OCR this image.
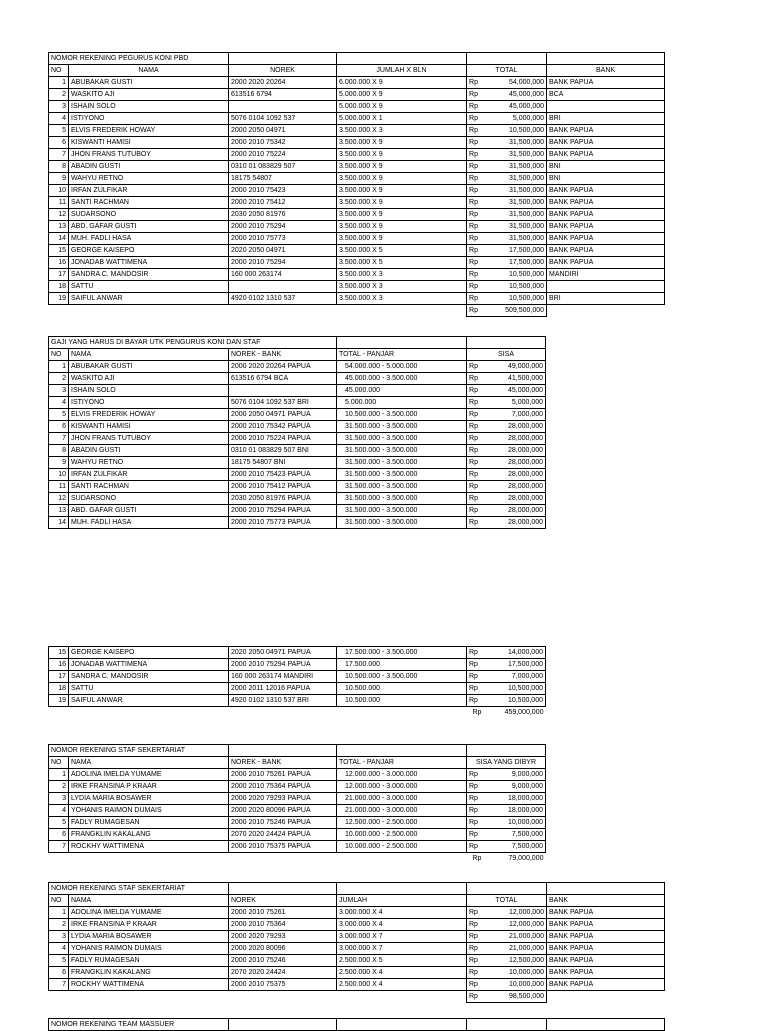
NOMOR REKENING PEGURUS KONI PBD					
NO	NAMA	NOREK	JUMLAH X BLN	TOTAL	BANK
1	ABUBAKAR GUSTI	2000 2020 20264	6.000.000 X 9	Rp 54,000,000	BANK PAPUA
2	WASKITO AJI	613516 6794	5.000.000 X 9	Rp 45,000,000	BCA
3	ISHAIN SOLO		5.000.000 X 9	Rp 45,000,000	

4	ISTIYONO	5076 0104 1092 537	5.000.000 X 1	Rp 5,000,000	BRI
5	ELVIS FREDERIK HOWAY	2000 2050 04971	3.500.000 X 3	Rp 10,500,000	BANK PAPUA
6	KISWANTI HAMISI	2000 2010 75342	3.500.000 X 9	Rp 31,500,000	BANK PAPUA
7	JHON FRANS TUTUBOY	2000 2010 75224	3.500.000 X 9	Rp 31,500,000	BANK PAPUA
8	ABADIN GUSTI	0310 01 083829 507	3.500.000 X 9	Rp 31,500,000	BNI
9	WAHYU RETNO	18175 54807	3.500.000 X 9	Rp 31,500,000	BNI
10	IRFAN ZULFIKAR	2000 2010 75423	3.500.000 X 9	Rp 31,500,000	BANK PAPUA
11	SANTI RACHMAN	2000 2010 75412	3.500.000 X 9	Rp 31,500,000	BANK PAPUA
12	SUDARSONO	2030 2050 81976	3.500.000 X 9	Rp 31,500,000	BANK PAPUA
13	ABD. GAFAR GUSTI	2000 2010 75294	3.500.000 X 9	Rp 31,500,000	BANK PAPUA
14	MUH. FADLI HASA	2000 2010 75773	3.500.000 X 9	Rp 31,500,000	BANK PAPUA
15	GEORGE KAISEPO	2020 2050 04971	3.500.000 X 5	Rp 17,500,000	BANK PAPUA
16	JONADAB WATTIMENA	2000 2010 75294	3.500.000 X 5	Rp 17,500,000	BANK PAPUA
17	SANDRA C. MANDOSIR	160 000 263174	3.500.000 X 3	Rp 10,500,000	MANDIRI
18	SATTU		3.500.000 X 3	Rp 10,500,000	

19	SAIFUL ANWAR	4920 0102 1310 537	3.500.000 X 3	Rp 10,500,000	BRI

				Rp 509,500,000	

GAJI YANG HARUS DI BAYAR UTK PENGURUS KONI DAN STAF				
NO	NAMA	NOREK - BANK	TOTAL - PANJAR	SISA
1	ABUBAKAR GUSTI	2000 2020 20264 PAPUA	54.000.000 - 5.000.000	Rp 49,000,000

2	WASKITO AJI	613516 6794 BCA	45.000.000 - 3.500.000	Rp 41,500,000

3	ISHAIN SOLO		45.000.000	Rp 45,000,000

4	ISTIYONO	5076 0104 1092 537 BRI	5.000.000	Rp 5,000,000

5	ELVIS FREDERIK HOWAY	2000 2050 04971 PAPUA	10.500.000 - 3.500.000	Rp 7,000,000

6	KISWANTI HAMISI	2000 2010 75342 PAPUA	31.500.000 - 3.500.000	Rp 28,000,000

7	JHON FRANS TUTUBOY	2000 2010 75224 PAPUA	31.500.000 - 3.500.000	Rp 28,000,000

8	ABADIN GUSTI	0310 01 083829 507 BNI	31.500.000 - 3.500.000	Rp 28,000,000

9	WAHYU RETNO	18175 54807 BNI	31.500.000 - 3.500.000	Rp 28,000,000

10	IRFAN ZULFIKAR	2000 2010 75423 PAPUA	31.500.000 - 3.500.000	Rp 28,000,000

11	SANTI RACHMAN	2000 2010 75412 PAPUA	31.500.000 - 3.500.000	Rp 28,000,000

12	SUDARSONO	2030 2050 81976 PAPUA	31.500.000 - 3.500.000	Rp 28,000,000

13	ABD. GAFAR GUSTI	2000 2010 75294 PAPUA	31.500.000 - 3.500.000	Rp 28,000,000

14	MUH. FADLI HASA	2000 2010 75773 PAPUA	31.500.000 - 3.500.000	Rp 28,000,000
15	GEORGE KAISEPO	2020 2050 04971 PAPUA	17.500.000 - 3.500.000	Rp 14,000,000

16	JONADAB WATTIMENA	2000 2010 75294 PAPUA	17.500.000	Rp 17,500,000

17	SANDRA C. MANDOSIR	160 000 263174 MANDIRI	10.500.000 - 3.500.000	Rp 7,000,000

18	SATTU	2000 2011 12016 PAPUA	10.500.000	Rp 10,500,000

19	SAIFUL ANWAR	4920 0102 1310 537 BRI	10.500.000	Rp 10,500,000

				Rp 459,000,000
NOMOR REKENING STAF SEKERTARIAT				
NO	NAMA	NOREK - BANK	TOTAL - PANJAR	SISA YANG DIBYR
1	ADOLINA IMELDA YUMAME	2000 2010 75261 PAPUA	12.000.000 - 3.000.000	Rp 9,000,000

2	IRKE FRANSINA P KRAAR	2000 2010 75364 PAPUA	12.000.000 - 3.000.000	Rp 9,000,000

3	LYDIA MARIA BOSAWER	2000 2020 79293 PAPUA	21.000.000 - 3.000.000	Rp 18,000,000

4	YOHANIS RAIMON DUMAIS	2000 2020 80096 PAPUA	21.000.000 - 3.000.000	Rp 18,000,000

5	FADLY RUMAGESAN	2000 2010 75246 PAPUA	12.500.000 - 2.500.000	Rp 10,000,000

6	FRANGKLIN KAKALANG	2070 2020 24424 PAPUA	10.000.000 - 2.500.000	Rp 7,500,000

7	ROCKHY WATTIMENA	2000 2010 75375 PAPUA	10.000.000 - 2.500.000	Rp 7,500,000

				Rp 79,000,000
NOMOR REKENING STAF SEKERTARIAT					
NO	NAMA	NOREK	JUMLAH	TOTAL	BANK
1	ADOLINA IMELDA YUMAME	2000 2010 75261	3.000.000 X 4	Rp 12,000,000	BANK PAPUA
2	IRKE FRANSINA P KRAAR	2000 2010 75364	3.000.000 X 4	Rp 12,000,000	BANK PAPUA
3	LYDIA MARIA BOSAWER	2000 2020 79293	3.000.000 X 7	Rp 21,000,000	BANK PAPUA
4	YOHANIS RAIMON DUMAIS	2000 2020 80096	3.000.000 X 7	Rp 21,000,000	BANK PAPUA
5	FADLY RUMAGESAN	2000 2010 75246	2.500.000 X 5	Rp 12,500,000	BANK PAPUA
6	FRANGKLIN KAKALANG	2070 2020 24424	2.500.000 X 4	Rp 10,000,000	BANK PAPUA
7	ROCKHY WATTIMENA	2000 2010 75375	2.500.000 X 4	Rp 10,000,000	BANK PAPUA

				Rp 98,500,000	

NOMOR REKENING TEAM MASSUER				
